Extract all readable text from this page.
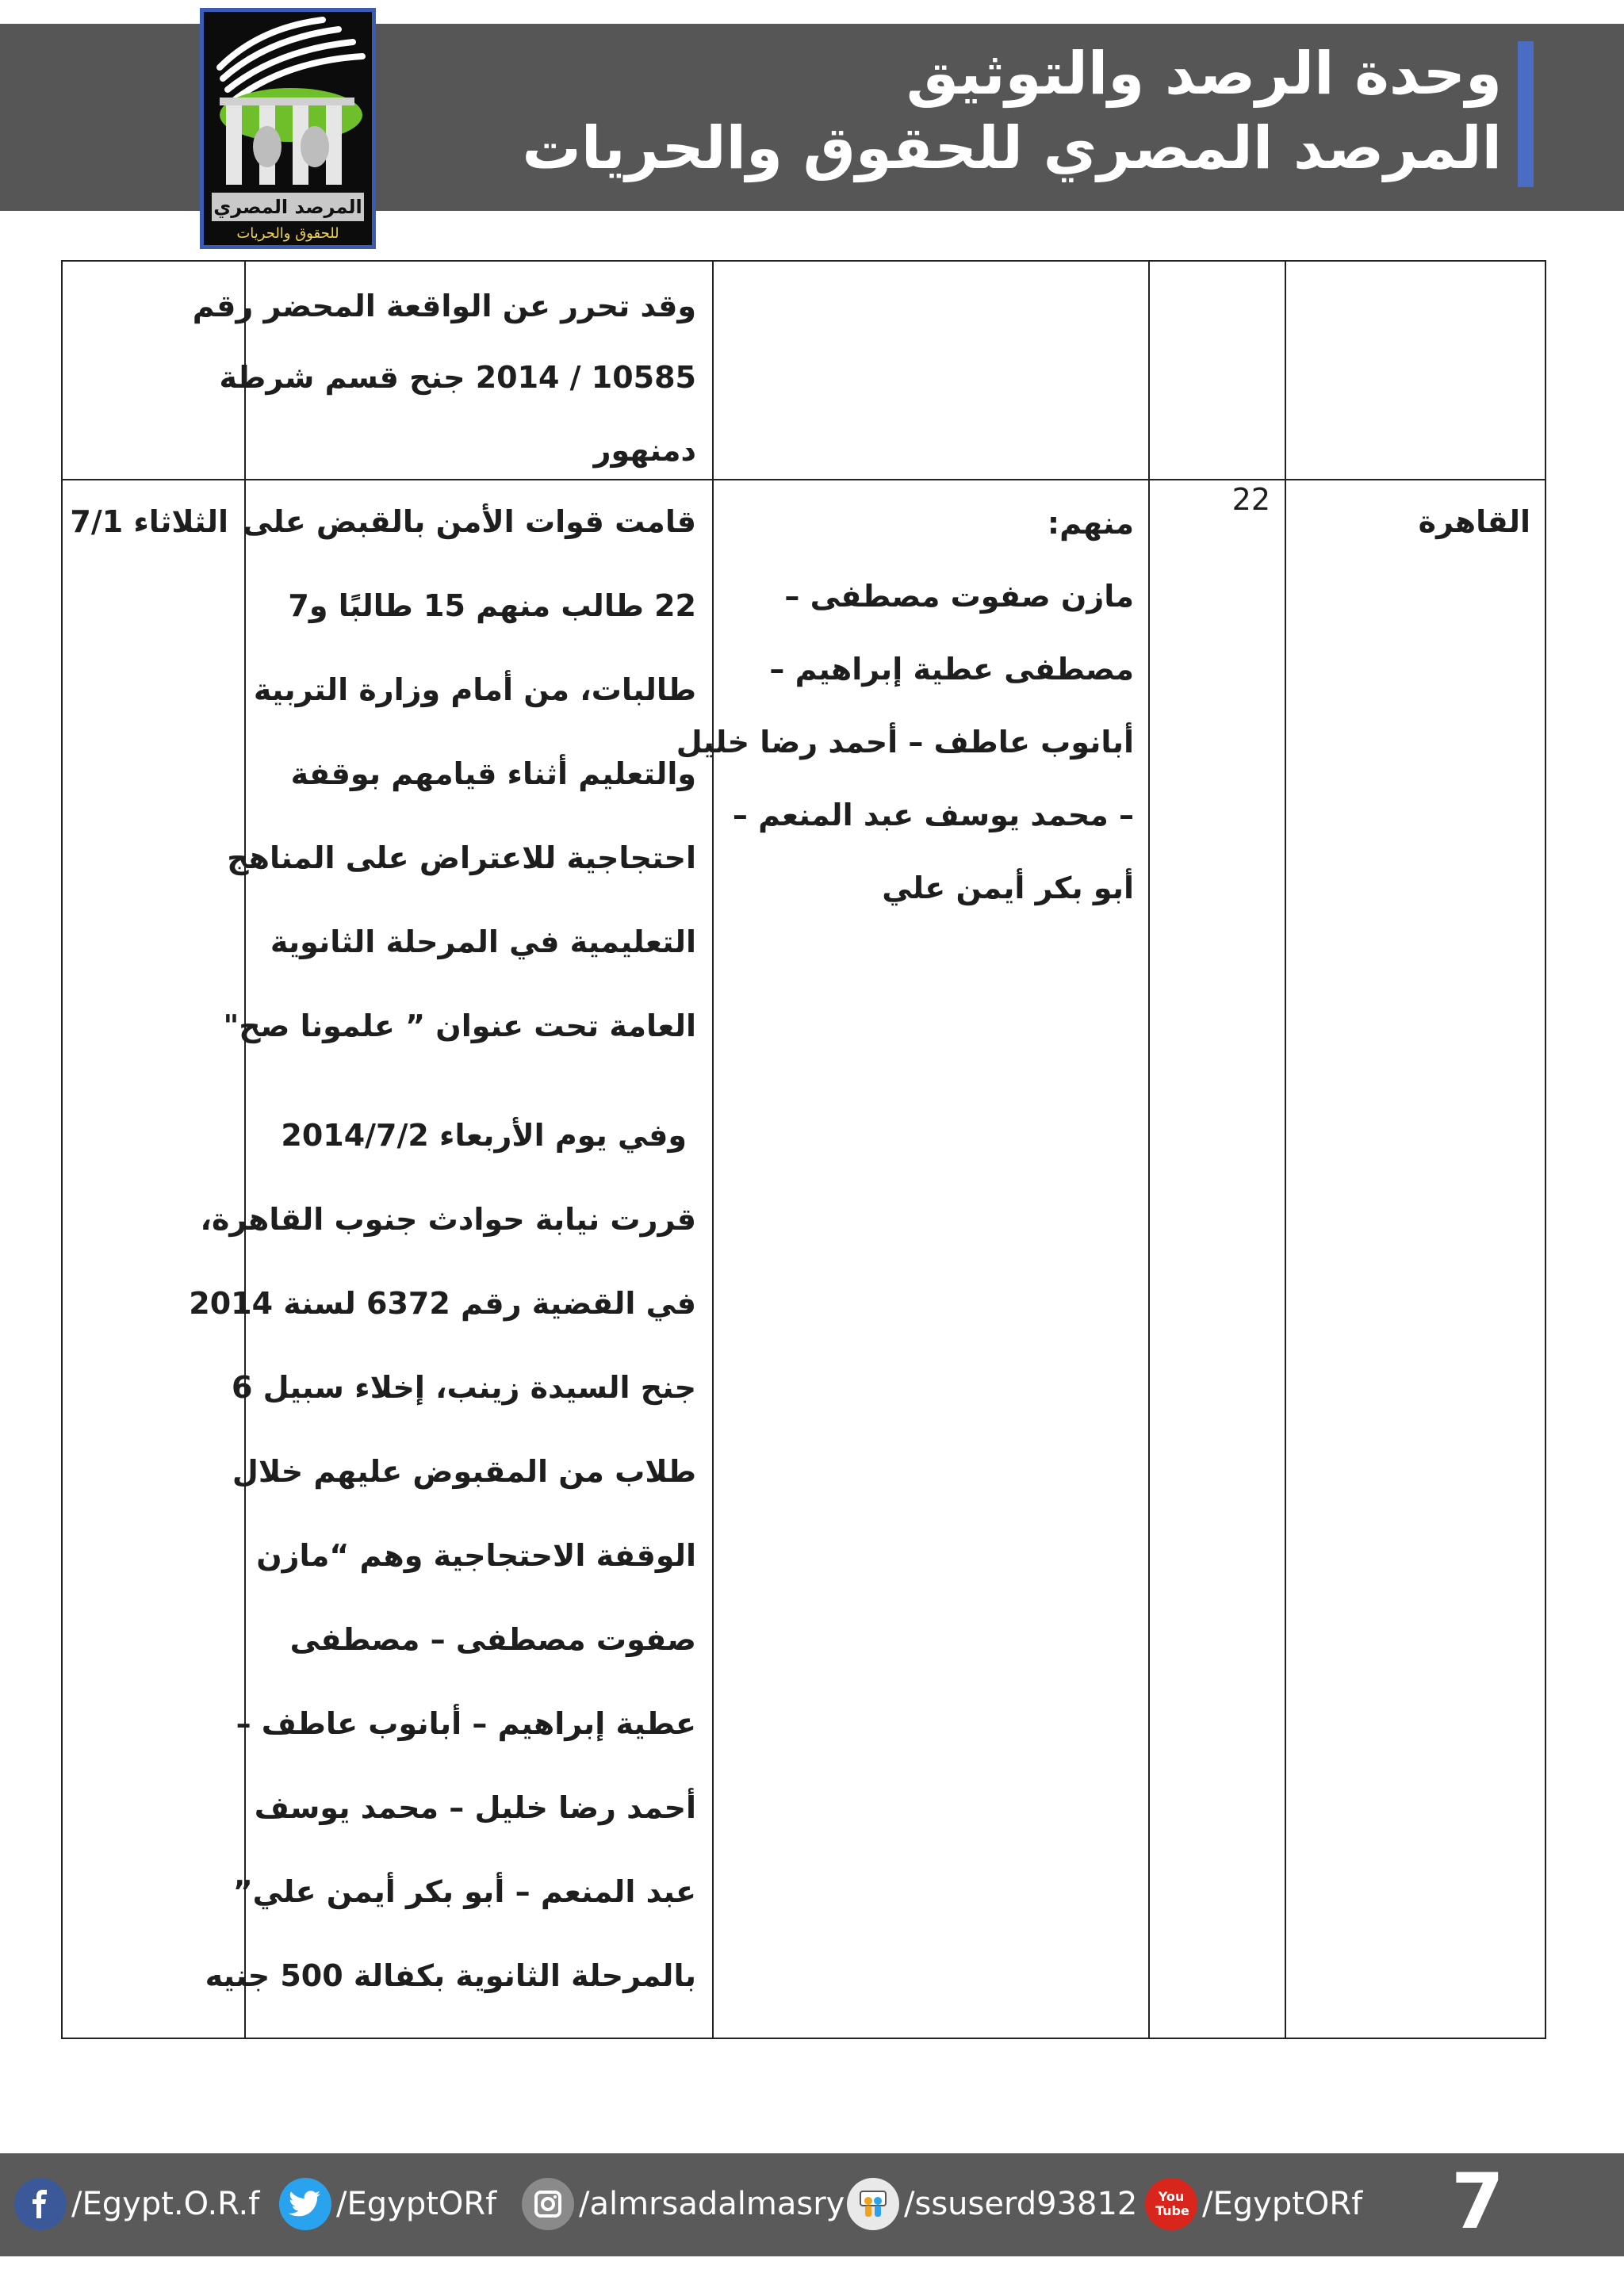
وحدة الرصد والتوثيق
المرصد المصري للحقوق والحريات
المرصد المصري
للحقوق والحريات
وقد تحرر عن الواقعة المحضر رقم
10585 / 2014 جنح قسم شرطة
دمنهور
القاهرة
22
منهم:
مازن صفوت مصطفى –
مصطفى عطية إبراهيم –
أبانوب عاطف – أحمد رضا خليل
– محمد يوسف عبد المنعم –
أبو بكر أيمن علي
قامت قوات الأمن بالقبض على
22 طالب منهم 15 طالبًا و7
طالبات، من أمام وزارة التربية
والتعليم أثناء قيامهم بوقفة
احتجاجية للاعتراض على المناهج
التعليمية في المرحلة الثانوية
العامة تحت عنوان ” علمونا صح"
وفي يوم الأربعاء 2014/7/2
قررت نيابة حوادث جنوب القاهرة،
في القضية رقم 6372 لسنة 2014
جنح السيدة زينب، إخلاء سبيل 6
طلاب من المقبوض عليهم خلال
الوقفة الاحتجاجية وهم “مازن
صفوت مصطفى – مصطفى
عطية إبراهيم – أبانوب عاطف –
أحمد رضا خليل – محمد يوسف
عبد المنعم – أبو بكر أيمن علي”
بالمرحلة الثانوية بكفالة 500 جنيه
الثلاثاء 7/1
/Egypt.O.R.f /EgyptORf	/almrsadalmasry /ssuserd93812 You Tube /EgyptORf 7
